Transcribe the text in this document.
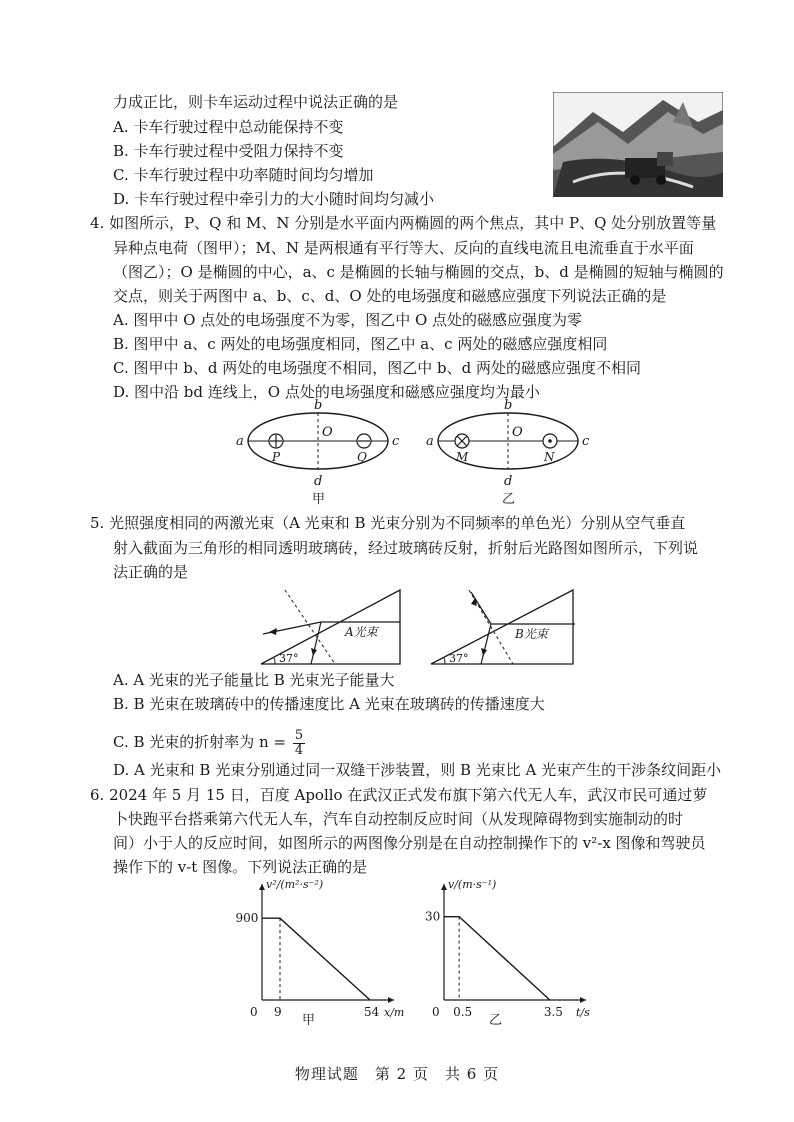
力成正比，则卡车运动过程中说法正确的是
A. 卡车行驶过程中总动能保持不变
B. 卡车行驶过程中受阻力保持不变
C. 卡车行驶过程中功率随时间均匀增加
D. 卡车行驶过程中牵引力的大小随时间均匀减小
4. 如图所示，P、Q 和 M、N 分别是水平面内两椭圆的两个焦点，其中 P、Q 处分别放置等量
异种点电荷（图甲）；M、N 是两根通有平行等大、反向的直线电流且电流垂直于水平面
（图乙）；O 是椭圆的中心，a、c 是椭圆的长轴与椭圆的交点，b、d 是椭圆的短轴与椭圆的
交点，则关于两图中 a、b、c、d、O 处的电场强度和磁感应强度下列说法正确的是
A. 图甲中 O 点处的电场强度不为零，图乙中 O 点处的磁感应强度为零
B. 图甲中 a、c 两处的电场强度相同，图乙中 a、c 两处的磁感应强度相同
C. 图甲中 b、d 两处的电场强度不相同，图乙中 b、d 两处的磁感应强度不相同
D. 图中沿 bd 连线上，O 点处的电场强度和磁感应强度均为最小
b
O
a	c
d
P	Q
甲
b
O
a	c
d
M	N
乙
5. 光照强度相同的两激光束（A 光束和 B 光束分别为不同频率的单色光）分别从空气垂直
射入截面为三角形的相同透明玻璃砖，经过玻璃砖反射，折射后光路图如图所示，下列说
法正确的是
37°
A光束
37°
B光束
A. A 光束的光子能量比 B 光束光子能量大
B. B 光束在玻璃砖中的传播速度比 A 光束在玻璃砖的传播速度大
C. B 光束的折射率为 $n = \frac{5}{4}$
D. A 光束和 B 光束分别通过同一双缝干涉装置，则 B 光束比 A 光束产生的干涉条纹间距小
6. 2024 年 5 月 15 日，百度 Apollo 在武汉正式发布旗下第六代无人车，武汉市民可通过萝
卜快跑平台搭乘第六代无人车，汽车自动控制反应时间（从发现障碍物到实施制动的时
间）小于人的反应时间，如图所示的两图像分别是在自动控制操作下的 v²-x 图像和驾驶员
操作下的 v-t 图像。下列说法正确的是
0 9	54
900
x/m
v²/(m²·s⁻²)
甲
0 0.5	3.5
30
t/s
v/(m·s⁻¹)
乙
物理试题　第 2 页　共 6 页
